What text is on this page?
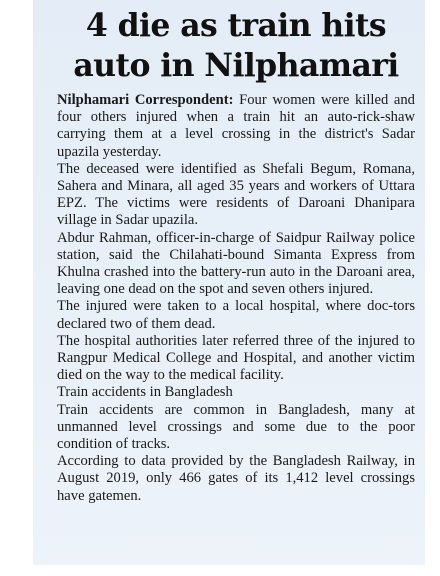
4 die as train hits
auto in Nilphamari

Nilphamari Correspondent: Four women were killed and four others injured when a train hit an auto-rick-shaw carrying them at a level crossing in the district's Sadar upazila yesterday.

The deceased were identified as Shefali Begum, Romana, Sahera and Minara, all aged 35 years and workers of Uttara EPZ. The victims were residents of Daroani Dhanipara village in Sadar upazila.

Abdur Rahman, officer-in-charge of Saidpur Railway police station, said the Chilahati-bound Simanta Express from Khulna crashed into the battery-run auto in the Daroani area, leaving one dead on the spot and seven others injured.

The injured were taken to a local hospital, where doc-tors declared two of them dead.

The hospital authorities later referred three of the injured to Rangpur Medical College and Hospital, and another victim died on the way to the medical facility.

Train accidents in Bangladesh

Train accidents are common in Bangladesh, many at unmanned level crossings and some due to the poor condition of tracks.

According to data provided by the Bangladesh Railway, in August 2019, only 466 gates of its 1,412 level crossings have gatemen.
